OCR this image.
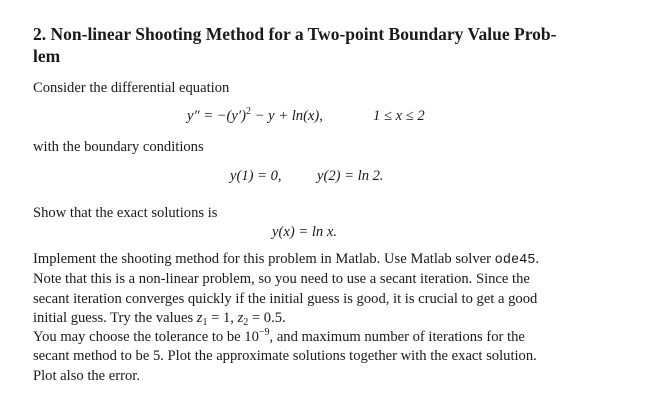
2. Non-linear Shooting Method for a Two-point Boundary Value Prob-
lem
Consider the differential equation
$y'' = -(y')^2 - y + \ln(x)$,	1 ≤ x ≤ 2
with the boundary conditions
y(1) = 0, y(2) = ln 2.
Show that the exact solutions is
y(x) = ln x.
Implement the shooting method for this problem in Matlab. Use Matlab solver ode45.
Note that this is a non-linear problem, so you need to use a secant iteration. Since the
secant iteration converges quickly if the initial guess is good, it is crucial to get a good
initial guess. Try the values $z_1 = 1$, $z_2 = 0.5$.
You may choose the tolerance to be $10^{-9}$, and maximum number of iterations for the
secant method to be 5. Plot the approximate solutions together with the exact solution.
Plot also the error.
